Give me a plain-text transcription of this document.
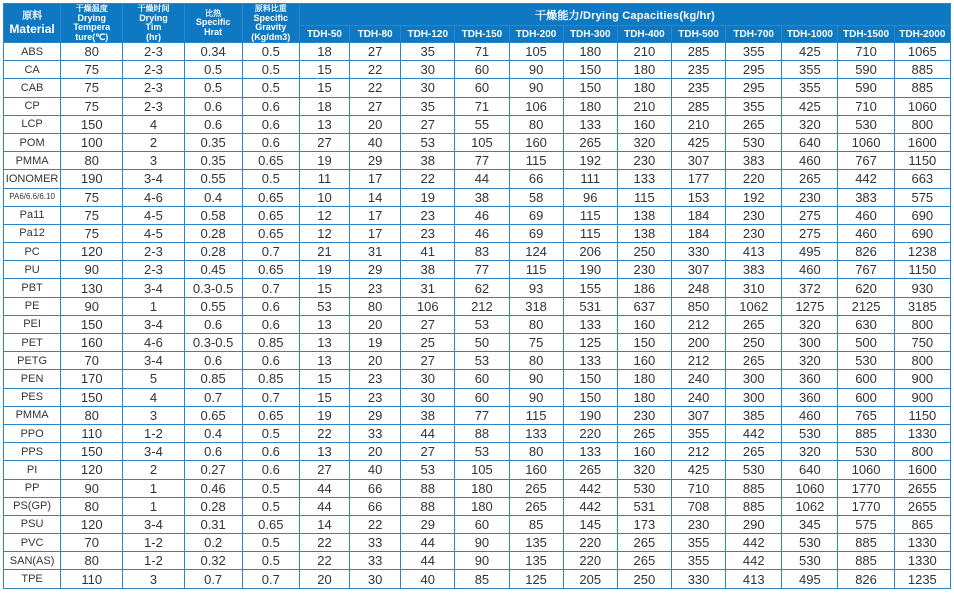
原料
Material	干燥温度
Drying
Tempera
ture(℃)	干燥时间
Drying
Tim
(hr)	比热
Specific
Hrat	原料比重
Specific
Gravity
(Kg/dm3)	干燥能力/Drying Capacities(kg/hr)											
					TDH-50	TDH-80	TDH-120	TDH-150	TDH-200	TDH-300	TDH-400	TDH-500	TDH-700	TDH-1000	TDH-1500	TDH-2000
ABS	80	2-3	0.34	0.5	18	27	35	71	105	180	210	285	355	425	710	1065
CA	75	2-3	0.5	0.5	15	22	30	60	90	150	180	235	295	355	590	885
CAB	75	2-3	0.5	0.5	15	22	30	60	90	150	180	235	295	355	590	885
CP	75	2-3	0.6	0.6	18	27	35	71	106	180	210	285	355	425	710	1060
LCP	150	4	0.6	0.6	13	20	27	55	80	133	160	210	265	320	530	800
POM	100	2	0.35	0.6	27	40	53	105	160	265	320	425	530	640	1060	1600
PMMA	80	3	0.35	0.65	19	29	38	77	115	192	230	307	383	460	767	1150
IONOMER	190	3-4	0.55	0.5	11	17	22	44	66	111	133	177	220	265	442	663
PA6/6.6/6.10	75	4-6	0.4	0.65	10	14	19	38	58	96	115	153	192	230	383	575
Pa11	75	4-5	0.58	0.65	12	17	23	46	69	115	138	184	230	275	460	690
Pa12	75	4-5	0.28	0.65	12	17	23	46	69	115	138	184	230	275	460	690
PC	120	2-3	0.28	0.7	21	31	41	83	124	206	250	330	413	495	826	1238
PU	90	2-3	0.45	0.65	19	29	38	77	115	190	230	307	383	460	767	1150
PBT	130	3-4	0.3-0.5	0.7	15	23	31	62	93	155	186	248	310	372	620	930
PE	90	1	0.55	0.6	53	80	106	212	318	531	637	850	1062	1275	2125	3185
PEI	150	3-4	0.6	0.6	13	20	27	53	80	133	160	212	265	320	630	800
PET	160	4-6	0.3-0.5	0.85	13	19	25	50	75	125	150	200	250	300	500	750
PETG	70	3-4	0.6	0.6	13	20	27	53	80	133	160	212	265	320	530	800
PEN	170	5	0.85	0.85	15	23	30	60	90	150	180	240	300	360	600	900
PES	150	4	0.7	0.7	15	23	30	60	90	150	180	240	300	360	600	900
PMMA	80	3	0.65	0.65	19	29	38	77	115	190	230	307	385	460	765	1150
PPO	110	1-2	0.4	0.5	22	33	44	88	133	220	265	355	442	530	885	1330
PPS	150	3-4	0.6	0.6	13	20	27	53	80	133	160	212	265	320	530	800
PI	120	2	0.27	0.6	27	40	53	105	160	265	320	425	530	640	1060	1600
PP	90	1	0.46	0.5	44	66	88	180	265	442	530	710	885	1060	1770	2655
PS(GP)	80	1	0.28	0.5	44	66	88	180	265	442	531	708	885	1062	1770	2655
PSU	120	3-4	0.31	0.65	14	22	29	60	85	145	173	230	290	345	575	865
PVC	70	1-2	0.2	0.5	22	33	44	90	135	220	265	355	442	530	885	1330
SAN(AS)	80	1-2	0.32	0.5	22	33	44	90	135	220	265	355	442	530	885	1330
TPE	110	3	0.7	0.7	20	30	40	85	125	205	250	330	413	495	826	1235
